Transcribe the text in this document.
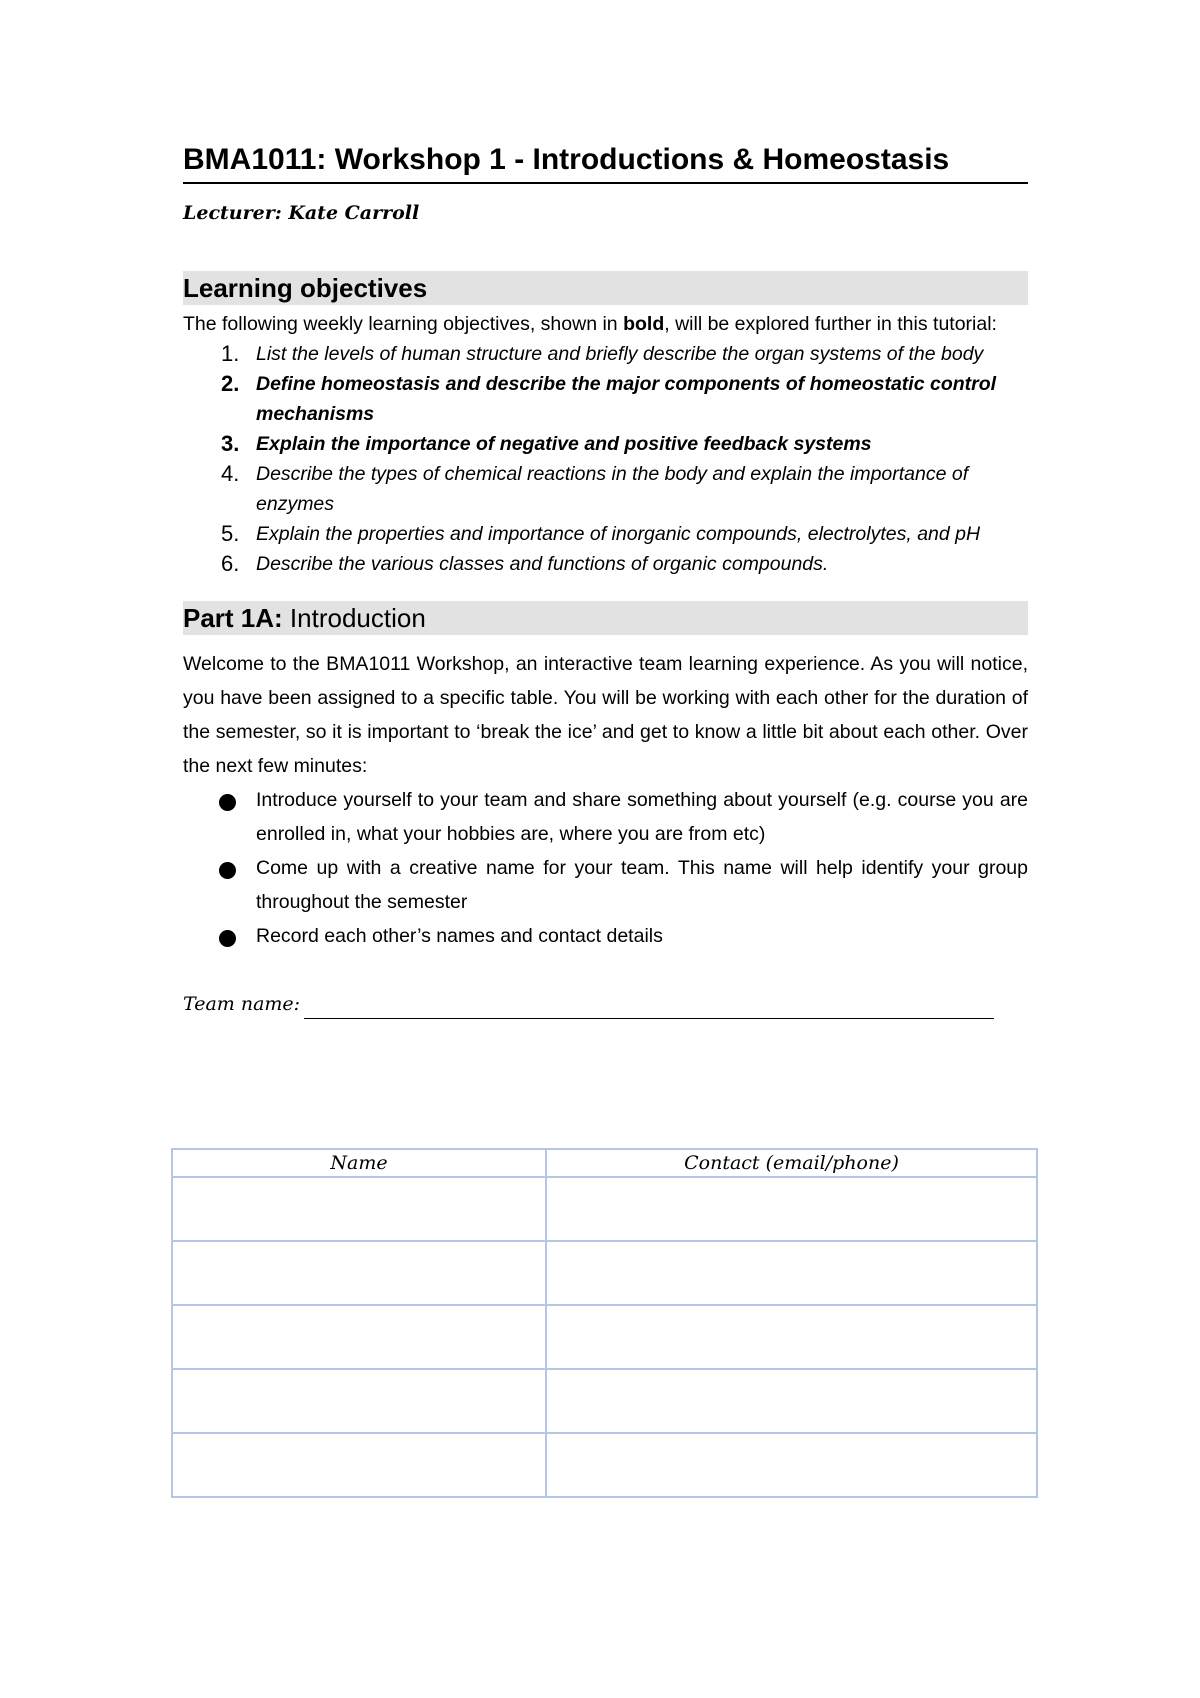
BMA1011: Workshop 1 - Introductions & Homeostasis
Lecturer: Kate Carroll
Learning objectives

The following weekly learning objectives, shown in bold, will be explored further in this tutorial:

1. List the levels of human structure and briefly describe the organ systems of the body
2. Define homeostasis and describe the major components of homeostatic control mechanisms
3. Explain the importance of negative and positive feedback systems
4. Describe the types of chemical reactions in the body and explain the importance of enzymes
5. Explain the properties and importance of inorganic compounds, electrolytes, and pH
6. Describe the various classes and functions of organic compounds.
Part 1A: Introduction

Welcome to the BMA1011 Workshop, an interactive team learning experience. As you will notice, you have been assigned to a specific table. You will be working with each other for the duration of the semester, so it is important to ‘break the ice’ and get to know a little bit about each other. Over the next few minutes:

Introduce yourself to your team and share something about yourself (e.g. course you are enrolled in, what your hobbies are, where you are from etc)
Come up with a creative name for your team. This name will help identify your group throughout the semester
Record each other’s names and contact details
Team name:
Name	Contact (email/phone)
